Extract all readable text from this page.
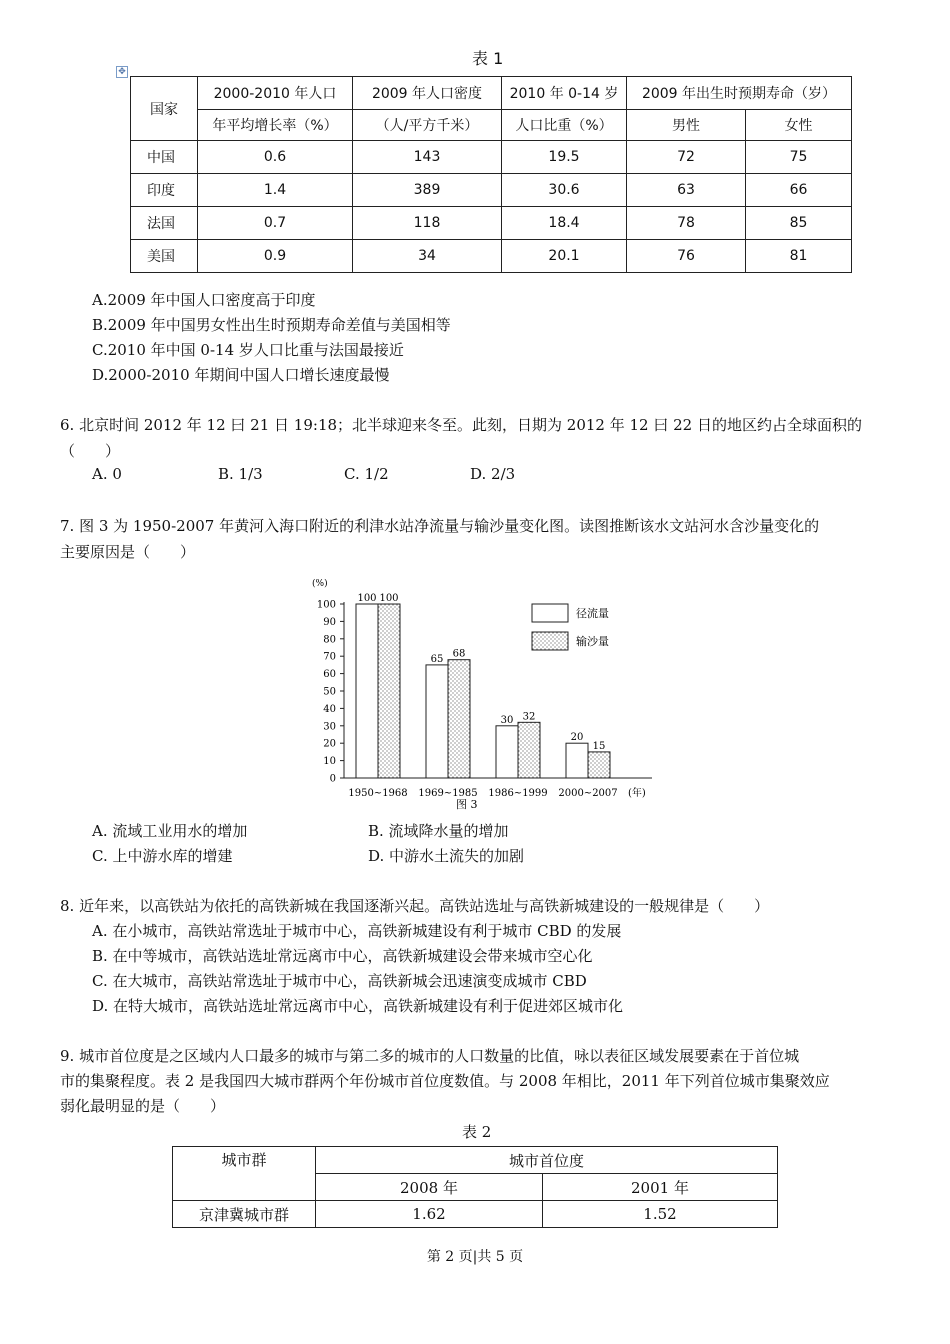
表 1
✥
国家	2000-2010 年人口	2009 年人口密度	2010 年 0-14 岁	2009 年出生时预期寿命（岁）	
	年平均增长率（%）	（人/平方千米）	人口比重（%）	男性	女性
中国	0.6	143	19.5	72	75
印度	1.4	389	30.6	63	66
法国	0.7	118	18.4	78	85
美国	0.9	34	20.1	76	81
A.2009 年中国人口密度高于印度
B.2009 年中国男女性出生时预期寿命差值与美国相等
C.2010 年中国 0-14 岁人口比重与法国最接近
D.2000-2010 年期间中国人口增长速度最慢
6. 北京时间 2012 年 12 曰 21 日 19:18；北半球迎来冬至。此刻，日期为 2012 年 12 曰 22 日的地区约占全球面积的
（　　）
A. 0	B. 1/3	C. 1/2	D. 2/3
7. 图 3 为 1950-2007 年黄河入海口附近的利津水站净流量与输沙量变化图。读图推断该水文站河水含沙量变化的
主要原因是（　　）
(%)
0
10
20
30
40
50
60
70
80
90
100
100 100
65 68
30 32
20
15
1950~1968 1969~1985 1986~1999 2000~2007 (年)
图 3
径流量
输沙量
A. 流域工业用水的增加	B. 流域降水量的增加
C. 上中游水库的增建	D. 中游水土流失的加剧
8. 近年来，以高铁站为依托的高铁新城在我国逐渐兴起。高铁站选址与高铁新城建设的一般规律是（　　）
A. 在小城市，高铁站常选址于城市中心，高铁新城建设有利于城市 CBD 的发展
B. 在中等城市，高铁站选址常远离市中心，高铁新城建设会带来城市空心化
C. 在大城市，高铁站常选址于城市中心，高铁新城会迅速演变成城市 CBD
D. 在特大城市，高铁站选址常远离市中心，高铁新城建设有利于促进郊区城市化
9. 城市首位度是之区域内人口最多的城市与第二多的城市的人口数量的比值，咏以表征区域发展要素在于首位城
市的集聚程度。表 2 是我国四大城市群两个年份城市首位度数值。与 2008 年相比，2011 年下列首位城市集聚效应
弱化最明显的是（　　）
表 2
城市群	城市首位度	
	2008 年	2001 年
京津冀城市群	1.62	1.52
第 2 页|共 5 页
